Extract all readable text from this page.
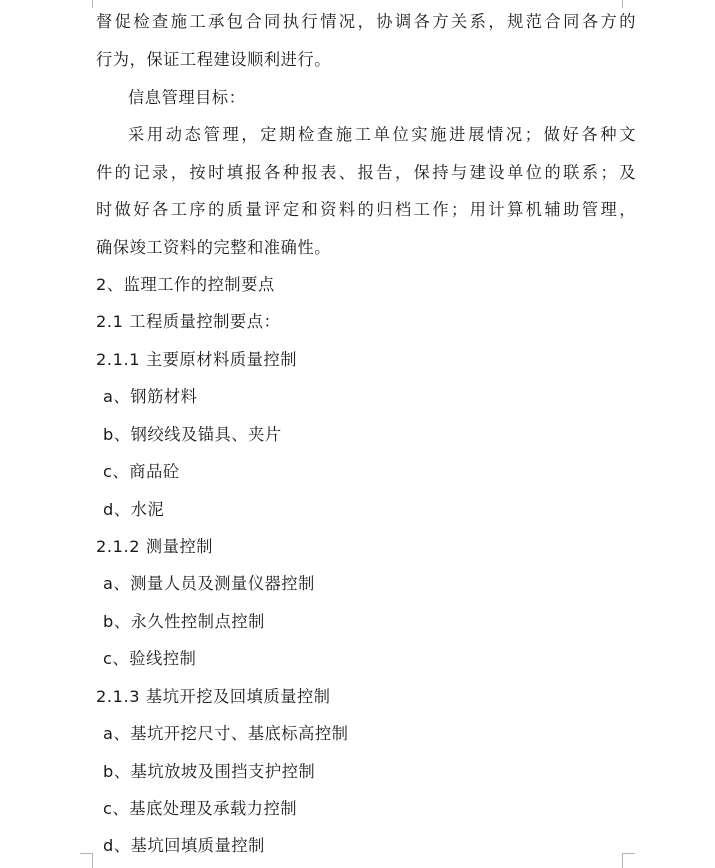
督促检查施工承包合同执行情况，协调各方关系，规范合同各方的
行为，保证工程建设顺利进行。
信息管理目标：
采用动态管理，定期检查施工单位实施进展情况；做好各种文
件的记录，按时填报各种报表、报告，保持与建设单位的联系；及
时做好各工序的质量评定和资料的归档工作；用计算机辅助管理，
确保竣工资料的完整和准确性。
2、监理工作的控制要点
2.1 工程质量控制要点：
2.1.1 主要原材料质量控制
a、钢筋材料
b、钢绞线及锚具、夹片
c、商品砼
d、水泥
2.1.2 测量控制
a、测量人员及测量仪器控制
b、永久性控制点控制
c、验线控制
2.1.3 基坑开挖及回填质量控制
a、基坑开挖尺寸、基底标高控制
b、基坑放坡及围挡支护控制
c、基底处理及承载力控制
d、基坑回填质量控制
